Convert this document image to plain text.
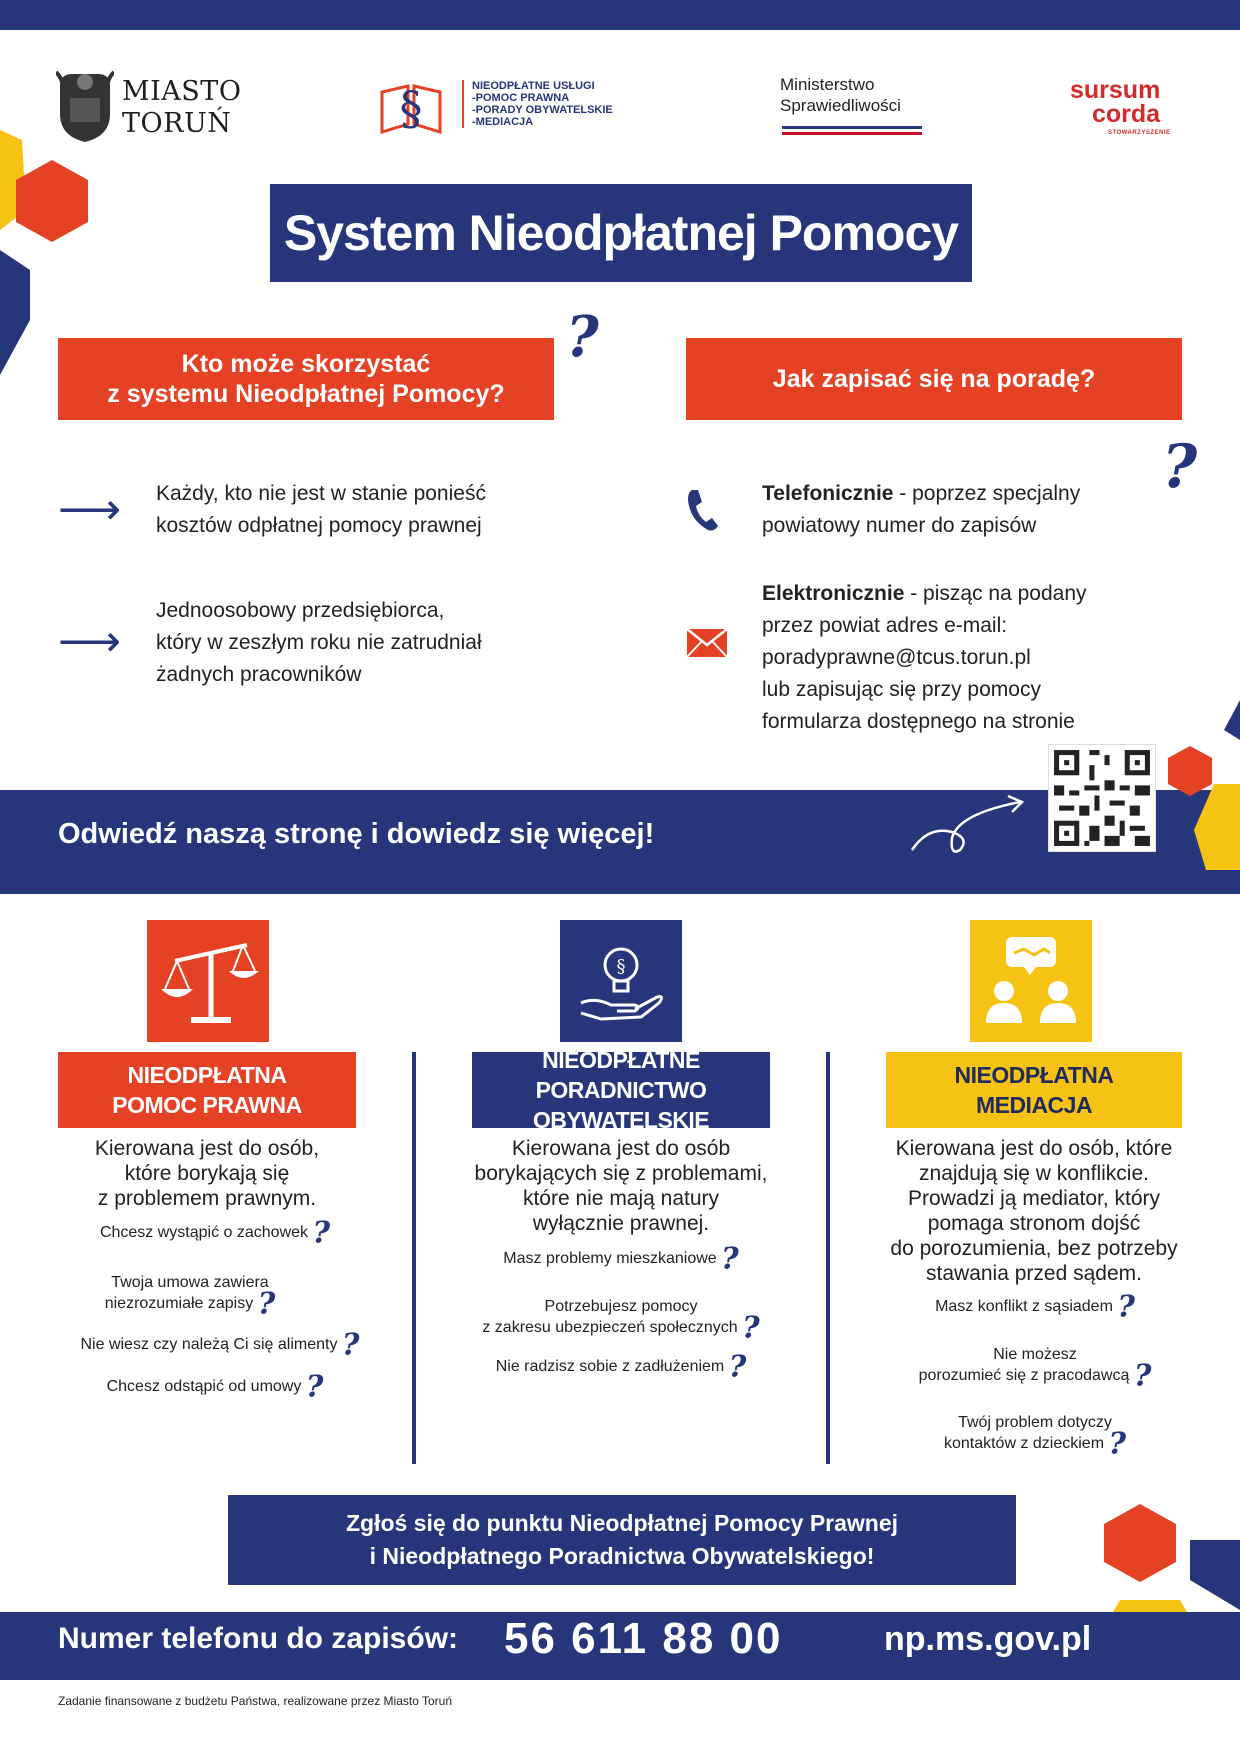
MIASTO
TORUŃ	§	NIEODPŁATNE USŁUGI
-POMOC PRAWNA
-PORADY OBYWATELSKIE
-MEDIACJA
Ministerstwo
Sprawiedliwości
sursum
corda
STOWARZYSZENIE
System Nieodpłatnej Pomocy
Kto może skorzystać
z systemu Nieodpłatnej Pomocy?
?
Jak zapisać się na poradę?
?
⟶ Każdy, kto nie jest w stanie ponieść
kosztów odpłatnej pomocy prawnej
⟶
Jednoosobowy przedsiębiorca,
który w zeszłym roku nie zatrudniał
żadnych pracowników
Telefonicznie - poprzez specjalny
powiatowy numer do zapisów
Elektronicznie - pisząc na podany
przez powiat adres e-mail:
poradyprawne@tcus.torun.pl
lub zapisując się przy pomocy
formularza dostępnego na stronie
Odwiedź naszą stronę i dowiedz się więcej!
§
NIEODPŁATNA
POMOC PRAWNA
NIEODPŁATNE
PORADNICTWO OBYWATELSKIE
NIEODPŁATNA
MEDIACJA
Kierowana jest do osób,
które borykają się
z problemem prawnym.
Chcesz wystąpić o zachowek ?
Twoja umowa zawiera
niezrozumiałe zapisy ?
Nie wiesz czy należą Ci się alimenty ?
Chcesz odstąpić od umowy ?
Kierowana jest do osób
borykających się z problemami,
które nie mają natury
wyłącznie prawnej.
Masz problemy mieszkaniowe ?
Potrzebujesz pomocy
z zakresu ubezpieczeń społecznych ?
Nie radzisz sobie z zadłużeniem ?
Kierowana jest do osób, które
znajdują się w konflikcie.
Prowadzi ją mediator, który
pomaga stronom dojść
do porozumienia, bez potrzeby
stawania przed sądem.
Masz konflikt z sąsiadem ?
Nie możesz
porozumieć się z pracodawcą ?
Twój problem dotyczy
kontaktów z dzieckiem ?
Zgłoś się do punktu Nieodpłatnej Pomocy Prawnej
i Nieodpłatnego Poradnictwa Obywatelskiego!
Numer telefonu do zapisów: 56 611 88 00	np.ms.gov.pl
Zadanie finansowane z budżetu Państwa, realizowane przez Miasto Toruń
